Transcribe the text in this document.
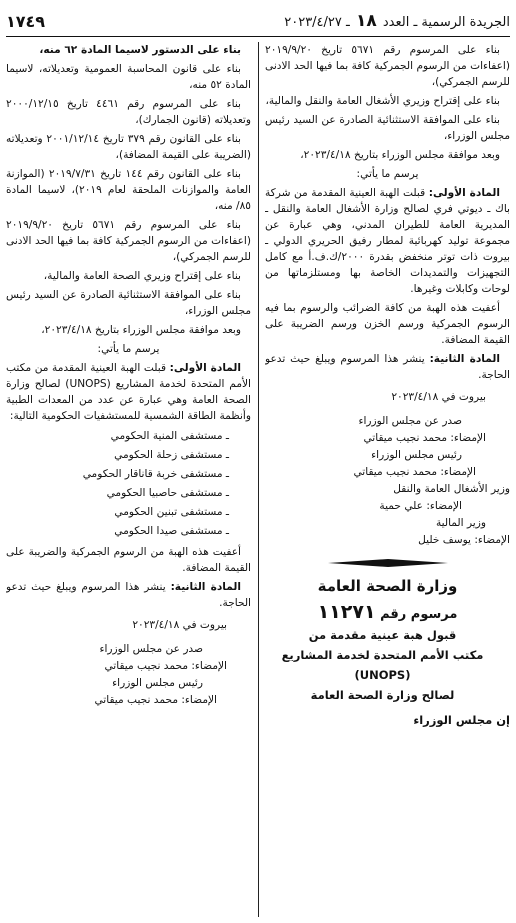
الجريدة الرسمية ـ العدد ١٨ ـ ٢٠٢٣/٤/٢٧
١٧٤٩

بناء على المرسوم رقم ٥٦٧١ تاريخ ٢٠١٩/٩/٢٠ (اعفاءات من الرسوم الجمركية كافة بما فيها الحد الادنى للرسم الجمركي)،

بناء على إقتراح وزيري الأشغال العامة والنقل والمالية،

بناء على الموافقة الاستثنائية الصادرة عن السيد رئيس مجلس الوزراء،

وبعد موافقة مجلس الوزراء بتاريخ ٢٠٢٣/٤/١٨،

يرسم ما يأتي:

المادة الأولى: قبلت الهبة العينية المقدمة من شركة باك ـ ديوتي فري لصالح وزارة الأشغال العامة والنقل ـ المديرية العامة للطيران المدني، وهي عبارة عن مجموعة توليد كهربائية لمطار رفيق الحريري الدولي ـ بيروت ذات توتر منخفض بقدرة ٢٠٠٠/ك.ف.أ مع كامل التجهيزات والتمديدات الخاصة بها ومستلزماتها من لوحات وكابلات وغيرها.

أعفيت هذه الهبة من كافة الضرائب والرسوم بما فيه الرسوم الجمركية ورسم الخزن ورسم الضريبة على القيمة المضافة.

المادة الثانية: ينشر هذا المرسوم ويبلغ حيث تدعو الحاجة.

بيروت في ٢٠٢٣/٤/١٨

صدر عن مجلس الوزراء
الإمضاء: محمد نجيب ميقاتي
رئيس مجلس الوزراء
الإمضاء: محمد نجيب ميقاتي
وزير الأشغال العامة والنقل
الإمضاء: علي حمية
وزير المالية
الإمضاء: يوسف خليل
وزارة الصحة العامة
مرسوم رقم ١١٢٧١

قبول هبة عينية مقدمة من

مكتب الأمم المتحدة لخدمة المشاريع

(UNOPS)

لصالح وزارة الصحة العامة

إن مجلس الوزراء

بناء على الدستور لاسيما المادة ٦٢ منه،

بناء على قانون المحاسبة العمومية وتعديلاته، لاسيما المادة ٥٢ منه،

بناء على المرسوم رقم ٤٤٦١ تاريخ ٢٠٠٠/١٢/١٥ وتعديلاته (قانون الجمارك)،

بناء على القانون رقم ٣٧٩ تاريخ ٢٠٠١/١٢/١٤ وتعديلاته (الضريبة على القيمة المضافة)،

بناء على القانون رقم ١٤٤ تاريخ ٢٠١٩/٧/٣١ (الموازنة العامة والموازنات الملحقة لعام ٢٠١٩)، لاسيما المادة ٨٥/ منه،

بناء على المرسوم رقم ٥٦٧١ تاريخ ٢٠١٩/٩/٢٠ (اعفاءات من الرسوم الجمركية كافة بما فيها الحد الادنى للرسم الجمركي)،

بناء على إقتراح وزيري الصحة العامة والمالية،

بناء على الموافقة الاستثنائية الصادرة عن السيد رئيس مجلس الوزراء،

وبعد موافقة مجلس الوزراء بتاريخ ٢٠٢٣/٤/١٨،

يرسم ما يأتي:

المادة الأولى: قبلت الهبة العينية المقدمة من مكتب الأمم المتحدة لخدمة المشاريع (UNOPS) لصالح وزارة الصحة العامة وهي عبارة عن عدد من المعدات الطبية وأنظمة الطاقة الشمسية للمستشفيات الحكومية التالية:

ـ مستشفى المنية الحكومي
ـ مستشفى زحلة الحكومي
ـ مستشفى خربة قاناقار الحكومي
ـ مستشفى حاصبيا الحكومي
ـ مستشفى تبنين الحكومي
ـ مستشفى صيدا الحكومي

أعفيت هذه الهبة من الرسوم الجمركية والضريبة على القيمة المضافة.

المادة الثانية: ينشر هذا المرسوم ويبلغ حيث تدعو الحاجة.

بيروت في ٢٠٢٣/٤/١٨

صدر عن مجلس الوزراء
الإمضاء: محمد نجيب ميقاتي
رئيس مجلس الوزراء
الإمضاء: محمد نجيب ميقاتي
